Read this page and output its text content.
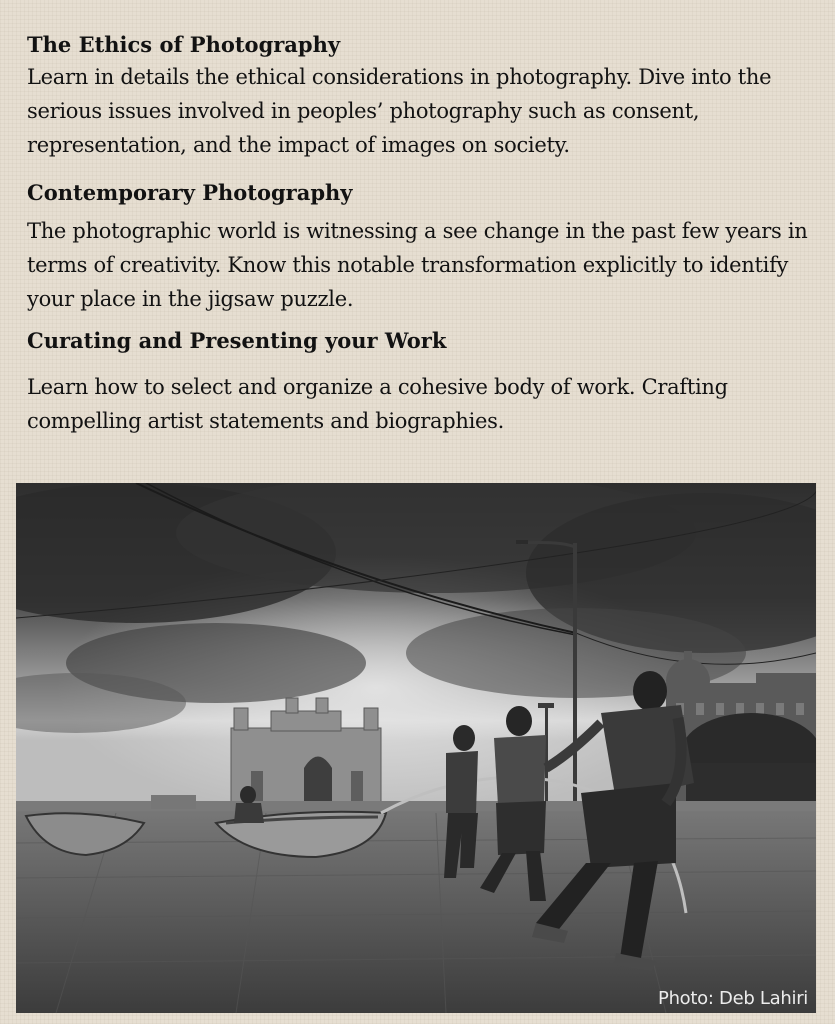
The Ethics of Photography

Learn in details the ethical considerations in photography. Dive into the serious issues involved in peoples’ photography such as consent, representation, and the impact of images on society.

Contemporary Photography

The photographic world is witnessing a see change in the past few years in terms of creativity. Know this notable transformation explicitly to identify your place in the jigsaw puzzle.

Curating and Presenting your Work

Learn how to select and organize a cohesive body of work. Crafting compelling artist statements and biographies.

Photo: Deb Lahiri
